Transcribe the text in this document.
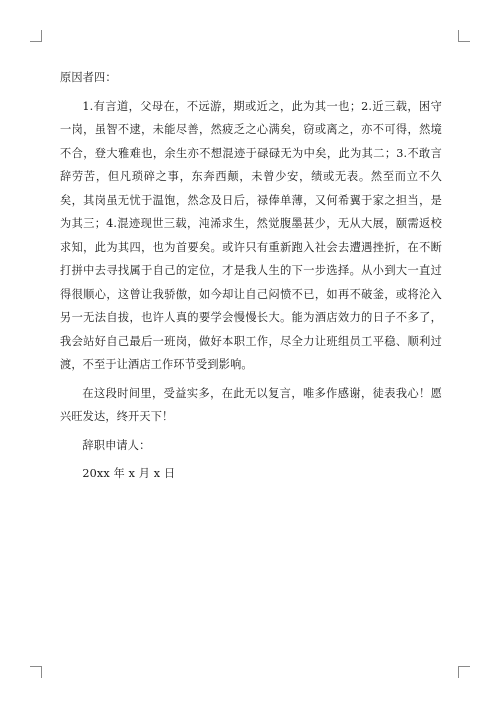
原因者四：

1.有言道，父母在，不远游，期或近之，此为其一也；2.近三载，困守一岗，虽智不逮，未能尽善，然疲乏之心满矣，窃或离之，亦不可得，然境不合，登大雅难也，余生亦不想混迹于碌碌无为中矣，此为其二；3.不敢言辞劳苦，但凡琐碎之事，东奔西颠，未曾少安，绩或无表。然至而立不久矣，其岗虽无忧于温饱，然念及日后，禄俸单薄，又何希翼于家之担当，是为其三；4.混迹现世三载，沌浠求生，然觉腹墨甚少，无从大展，颐需返校求知，此为其四，也为首要矣。或许只有重新跑入社会去遭遇挫折，在不断打拼中去寻找属于自己的定位，才是我人生的下一步选择。从小到大一直过得很顺心，这曾让我骄傲，如今却让自己闷愤不已，如再不破釜，或将沦入另一无法自拔，也许人真的要学会慢慢长大。能为酒店效力的日子不多了，我会站好自己最后一班岗，做好本职工作，尽全力让班组员工平稳、顺利过渡，不至于让酒店工作环节受到影响。

在这段时间里，受益实多，在此无以复言，唯多作感谢，徒表我心！愿兴旺发达，终开天下！

辞职申请人：

20xx 年 x 月 x 日
